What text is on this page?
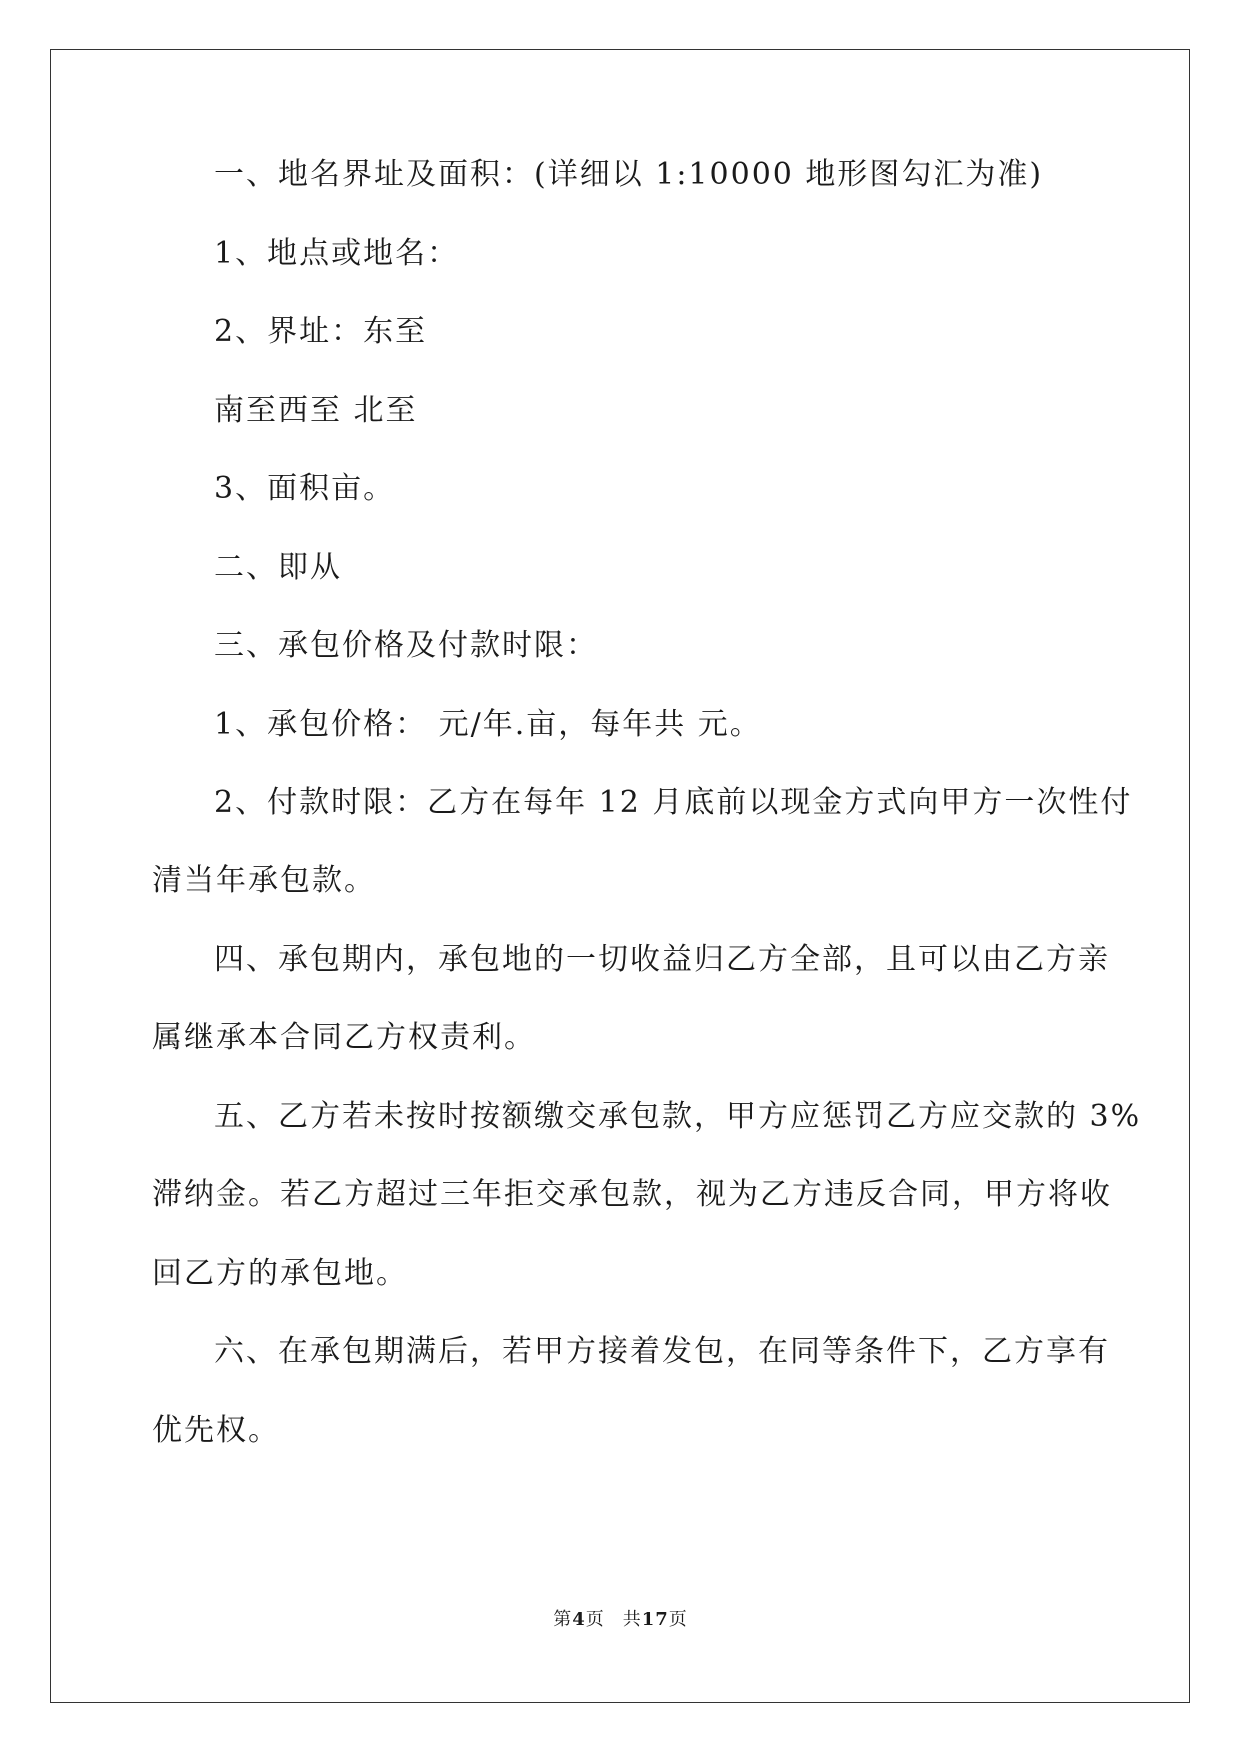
一、地名界址及面积：(详细以 1:10000 地形图勾汇为准)
1、地点或地名：
2、界址：东至
南至西至 北至
3、面积亩。
二、即从
三、承包价格及付款时限：
1、承包价格： 元/年.亩，每年共 元。
2、付款时限：乙方在每年 12 月底前以现金方式向甲方一次性付
清当年承包款。
四、承包期内，承包地的一切收益归乙方全部，且可以由乙方亲
属继承本合同乙方权责利。
五、乙方若未按时按额缴交承包款，甲方应惩罚乙方应交款的 3%
滞纳金。若乙方超过三年拒交承包款，视为乙方违反合同，甲方将收
回乙方的承包地。
六、在承包期满后，若甲方接着发包，在同等条件下，乙方享有
优先权。
第4页 共17页
